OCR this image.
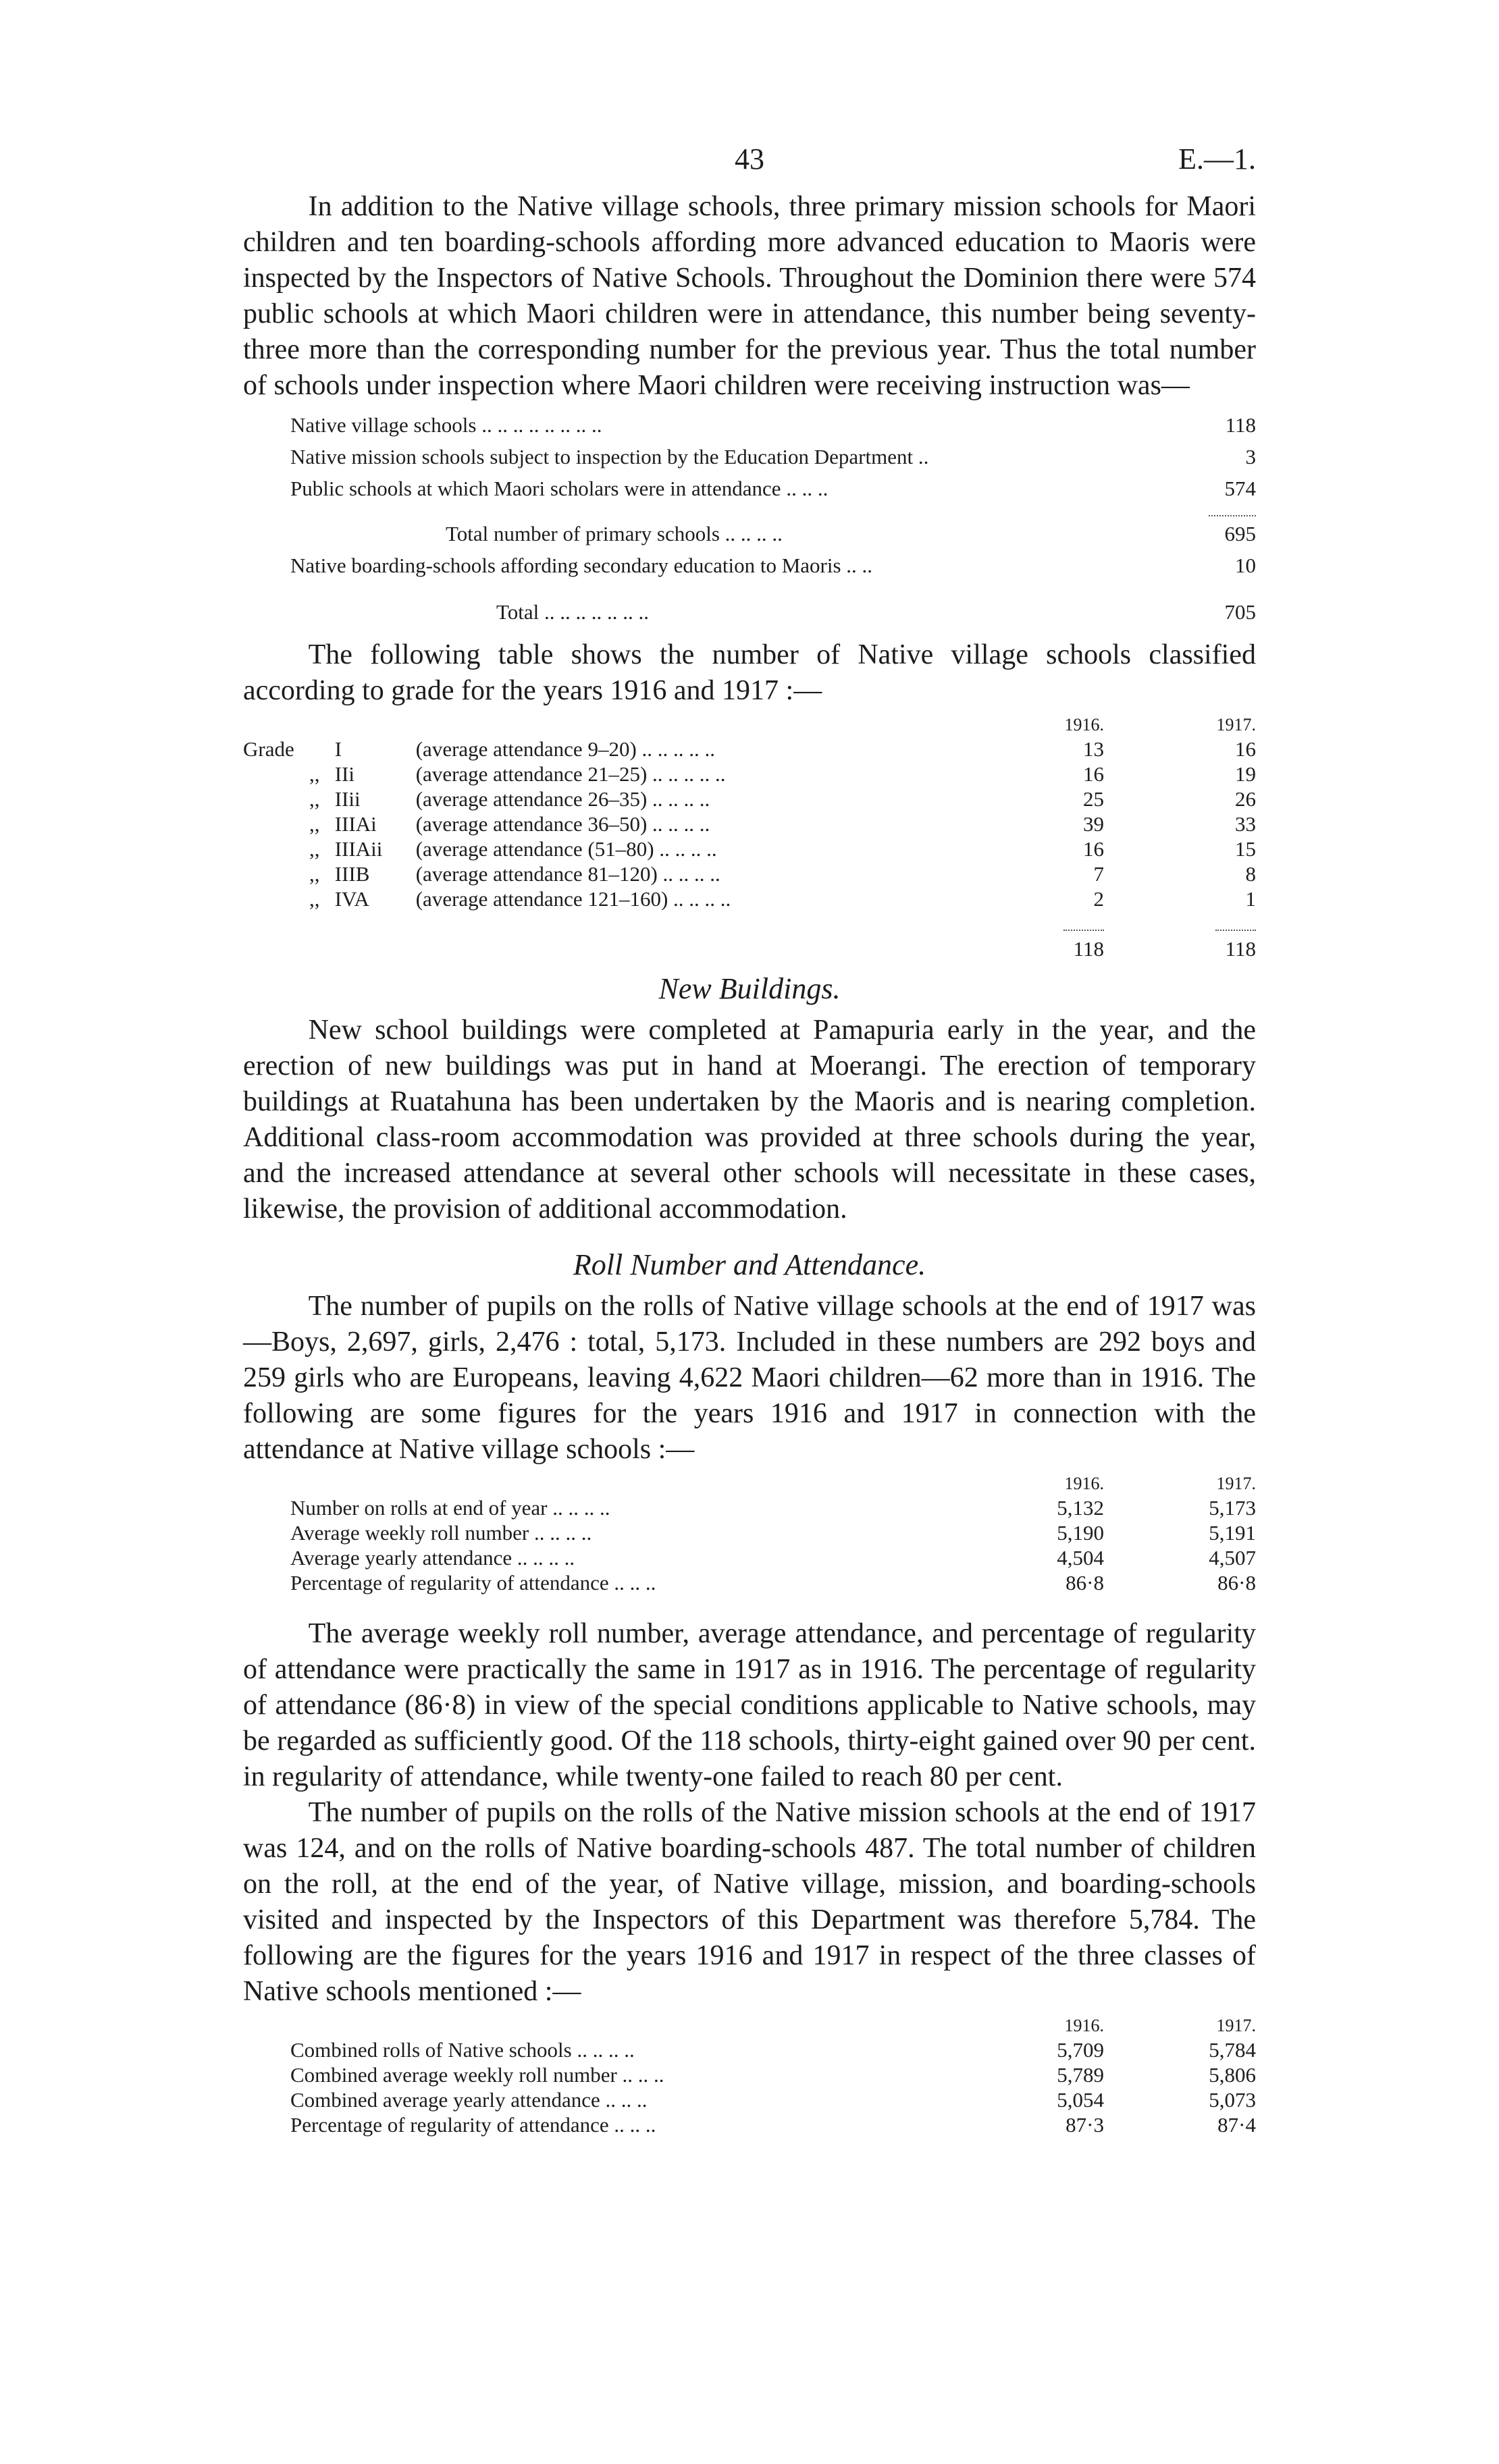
43	E.—1.

In addition to the Native village schools, three primary mission schools for Maori children and ten boarding-schools affording more advanced education to Maoris were inspected by the Inspectors of Native Schools. Throughout the Dominion there were 574 public schools at which Maori children were in attendance, this number being seventy-three more than the corresponding number for the previous year. Thus the total number of schools under inspection where Maori children were receiving instruction was—

Native village schools .. .. .. .. .. .. .. ..	118
Native mission schools subject to inspection by the Education Department ..	3
Public schools at which Maori scholars were in attendance .. .. ..	574
Total number of primary schools .. .. .. ..	695
Native boarding-schools affording secondary education to Maoris .. ..	10
Total .. .. .. .. .. .. ..	705

The following table shows the number of Native village schools classified according to grade for the years 1916 and 1917 :—

				1916.	1917.
Grade		I	(average attendance 9–20) .. .. .. .. ..	13	16
	,,	IIi	(average attendance 21–25) .. .. .. .. ..	16	19
	,,	IIii	(average attendance 26–35) .. .. .. ..	25	26
	,,	IIIAi	(average attendance 36–50) .. .. .. ..	39	33
	,,	IIIAii	(average attendance (51–80) .. .. .. ..	16	15
	,,	IIIB	(average attendance 81–120) .. .. .. ..	7	8
	,,	IVA	(average attendance 121–160) .. .. .. ..	2	1

				118	118
New Buildings.

New school buildings were completed at Pamapuria early in the year, and the erection of new buildings was put in hand at Moerangi. The erection of temporary buildings at Ruatahuna has been undertaken by the Maoris and is nearing completion. Additional class-room accommodation was provided at three schools during the year, and the increased attendance at several other schools will necessitate in these cases, likewise, the provision of additional accommodation.

Roll Number and Attendance.

The number of pupils on the rolls of Native village schools at the end of 1917 was—Boys, 2,697, girls, 2,476 : total, 5,173. Included in these numbers are 292 boys and 259 girls who are Europeans, leaving 4,622 Maori children—62 more than in 1916. The following are some figures for the years 1916 and 1917 in connection with the attendance at Native village schools :—

		1916.	1917.
	Number on rolls at end of year .. .. .. ..	5,132	5,173
	Average weekly roll number .. .. .. ..	5,190	5,191
	Average yearly attendance .. .. .. ..	4,504	4,507
	Percentage of regularity of attendance .. .. ..	86·8	86·8

The average weekly roll number, average attendance, and percentage of regularity of attendance were practically the same in 1917 as in 1916. The percentage of regularity of attendance (86·8) in view of the special conditions applicable to Native schools, may be regarded as sufficiently good. Of the 118 schools, thirty-eight gained over 90 per cent. in regularity of attendance, while twenty-one failed to reach 80 per cent.

The number of pupils on the rolls of the Native mission schools at the end of 1917 was 124, and on the rolls of Native boarding-schools 487. The total number of children on the roll, at the end of the year, of Native village, mission, and boarding-schools visited and inspected by the Inspectors of this Department was therefore 5,784. The following are the figures for the years 1916 and 1917 in respect of the three classes of Native schools mentioned :—

		1916.	1917.
	Combined rolls of Native schools .. .. .. ..	5,709	5,784
	Combined average weekly roll number .. .. ..	5,789	5,806
	Combined average yearly attendance .. .. ..	5,054	5,073
	Percentage of regularity of attendance .. .. ..	87·3	87·4
